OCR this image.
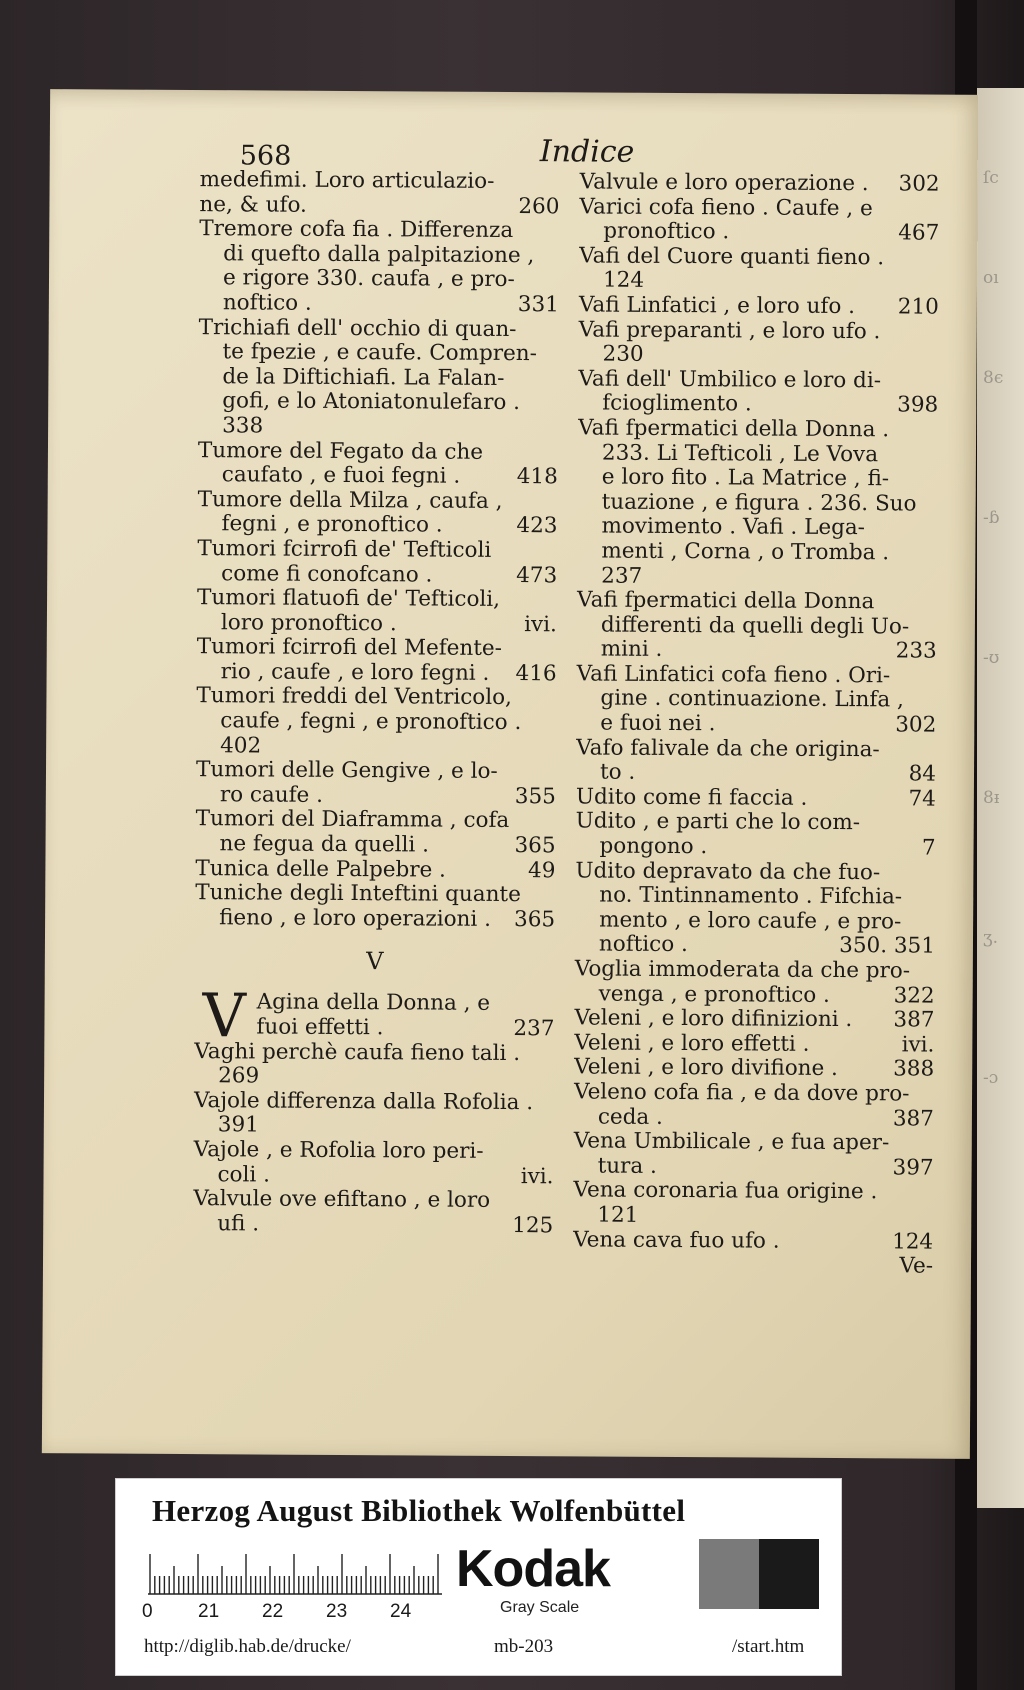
ſc
oı
8ϵ
-ɓ
-ʊ
8ᵻ
ʒ.
-ɔ
568	Indice
medefimi. Loro articulazio-
ne, & ufo.	260
Tremore cofa fia . Differenza
di quefto dalla palpitazione ,
e rigore 330. caufa , e pro-
noftico .	331
Trichiafi dell' occhio di quan-
te fpezie , e caufe. Compren-
de la Diftichiafi. La Falan-
gofi, e lo Atoniatonulefaro .
338
Tumore del Fegato da che
caufato , e fuoi fegni .	418
Tumore della Milza , caufa ,
fegni , e pronoftico .	423
Tumori fcirrofi de' Tefticoli
come fi conofcano .	473
Tumori flatuofi de' Tefticoli,
loro pronoftico .	ivi.
Tumori fcirrofi del Mefente-
rio , caufe , e loro fegni . 416
Tumori freddi del Ventricolo,
caufe , fegni , e pronoftico .
402
Tumori delle Gengive , e lo-
ro caufe .	355
Tumori del Diaframma , cofa
ne fegua da quelli .	365
Tunica delle Palpebre .	49
Tuniche degli Inteftini quante
fieno , e loro operazioni . 365
V
V Agina della Donna , e
fuoi effetti .	237
Vaghi perchè caufa fieno tali .
269
Vajole differenza dalla Rofolia .
391
Vajole , e Rofolia loro peri-
coli .	ivi.
Valvule ove efiftano , e loro
ufi .	125
Valvule e loro operazione . 302
Varici cofa fieno . Caufe , e
pronoftico .	467
Vafi del Cuore quanti fieno .
124
Vafi Linfatici , e loro ufo . 210
Vafi preparanti , e loro ufo .
230
Vafi dell' Umbilico e loro di-
fcioglimento .	398
Vafi fpermatici della Donna .
233. Li Tefticoli , Le Vova
e loro fito . La Matrice , fi-
tuazione , e figura . 236. Suo
movimento . Vafi . Lega-
menti , Corna , o Tromba .
237
Vafi fpermatici della Donna
differenti da quelli degli Uo-
mini .	233
Vafi Linfatici cofa fieno . Ori-
gine . continuazione. Linfa ,
e fuoi nei .	302
Vafo falivale da che origina-
to .	84
Udito come fi faccia .	74
Udito , e parti che lo com-
pongono .	7
Udito depravato da che fuo-
no. Tintinnamento . Fifchia-
mento , e loro caufe , e pro-
noftico .	350. 351
Voglia immoderata da che pro-
venga , e pronoftico .	322
Veleni , e loro difinizioni . 387
Veleni , e loro effetti .	ivi.
Veleni , e loro divifione .	388
Veleno cofa fia , e da dove pro-
ceda .	387
Vena Umbilicale , e fua aper-
tura .	397
Vena coronaria fua origine .
121
Vena cava fuo ufo .	124
Ve-
Herzog August Bibliothek Wolfenbüttel
0 21 22 23 24
Kodak
Gray Scale
http://diglib.hab.de/drucke/	mb-203	/start.htm
